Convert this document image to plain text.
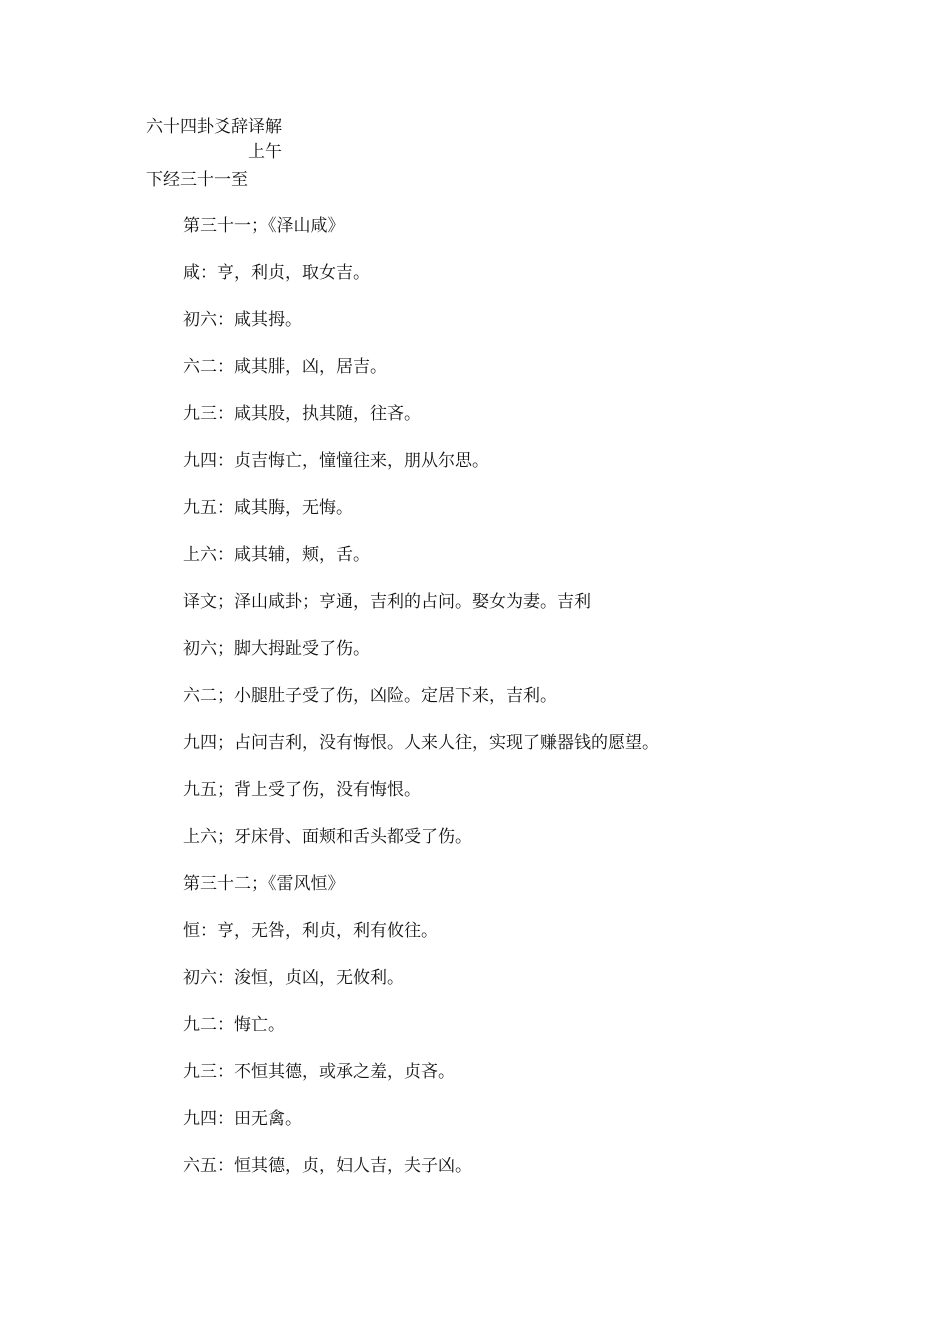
六十四卦爻辞译解
上午
下经三十一至
第三十一；《泽山咸》
咸：亨，利贞，取女吉。
初六：咸其拇。
六二：咸其腓，凶，居吉。
九三：咸其股，执其随，往吝。
九四：贞吉悔亡，憧憧往来，朋从尔思。
九五：咸其脢，无悔。
上六：咸其辅，颊，舌。
译文；泽山咸卦；亨通，吉利的占问。娶女为妻。吉利
初六；脚大拇趾受了伤。
六二；小腿肚子受了伤，凶险。定居下来，吉利。
九四；占问吉利，没有悔恨。人来人往，实现了赚器钱的愿望。
九五；背上受了伤，没有悔恨。
上六；牙床骨、面颊和舌头都受了伤。
第三十二；《雷风恒》
恒：亨，无咎，利贞，利有攸往。
初六：浚恒，贞凶，无攸利。
九二：悔亡。
九三：不恒其德，或承之羞，贞吝。
九四：田无禽。
六五：恒其德，贞，妇人吉，夫子凶。
